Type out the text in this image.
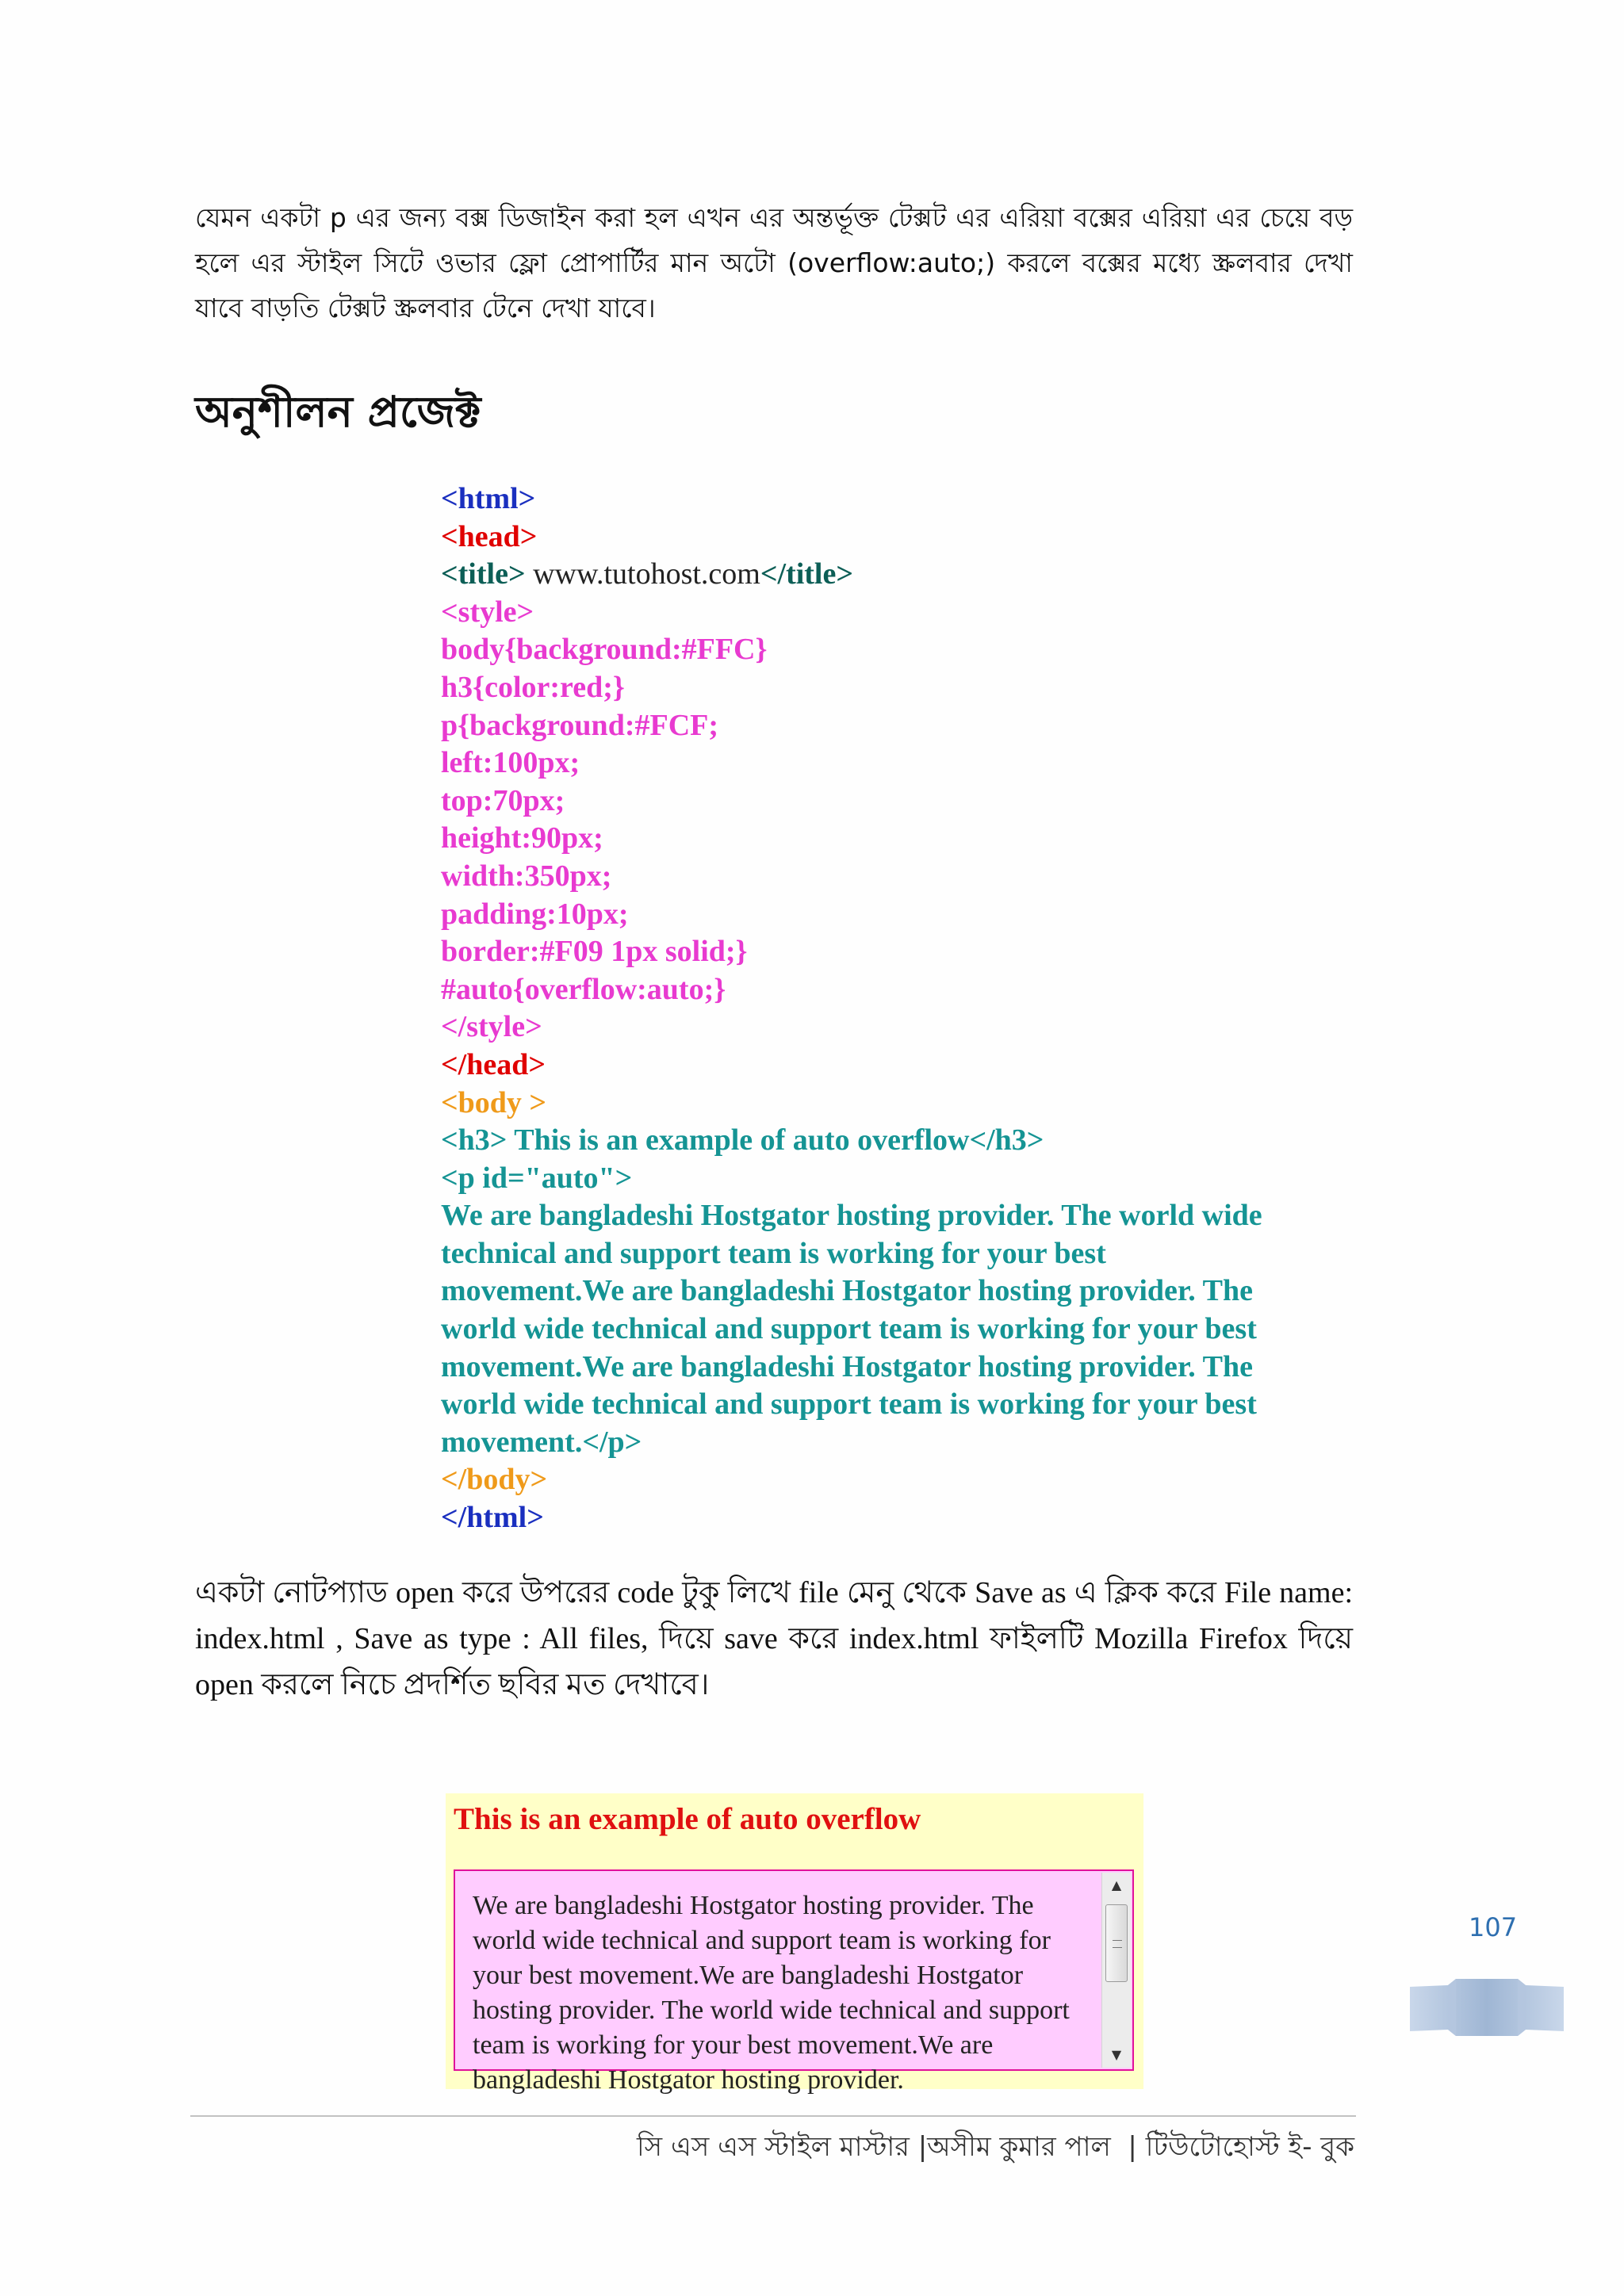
যেমন একটা p এর জন্য বক্স ডিজাইন করা হল এখন এর অন্তর্ভূক্ত টেক্সট এর এরিয়া বক্সের এরিয়া এর চেয়ে বড় হলে এর স্টাইল সিটে ওভার ফ্লো প্রোপার্টির মান অটো (overflow:auto;) করলে বক্সের মধ্যে স্ক্রলবার দেখা যাবে বাড়তি টেক্সট স্ক্রলবার টেনে দেখা যাবে।

অনুশীলন প্রজেক্ট
<html>
<head>
<title> www.tutohost.com</title>
<style>
body{background:#FFC}
h3{color:red;}
p{background:#FCF;
left:100px;
top:70px;
height:90px;
width:350px;
padding:10px;
border:#F09 1px solid;}
#auto{overflow:auto;}
</style>
</head>
<body >
<h3> This is an example of auto overflow</h3>
<p id="auto">
We are bangladeshi Hostgator hosting provider. The world wide
technical and support team is working for your best
movement.We are bangladeshi Hostgator hosting provider. The
world wide technical and support team is working for your best
movement.We are bangladeshi Hostgator hosting provider. The
world wide technical and support team is working for your best
movement.</p>
</body>
</html>

একটা নোটপ্যাড open করে উপরের code টুকু লিখে file মেনু থেকে Save as এ ক্লিক করে File name: index.html , Save as type : All files, দিয়ে save করে index.html ফাইলটি Mozilla Firefox দিয়ে open করলে নিচে প্রদর্শিত ছবির মত দেখাবে।

This is an example of auto overflow
We are bangladeshi Hostgator hosting provider. The world wide technical and support team is working for your best movement.We are bangladeshi Hostgator hosting provider. The world wide technical and support team is working for your best movement.We are bangladeshi Hostgator hosting provider.
▲
▼
107
সি এস এস স্টাইল মাস্টার |অসীম কুমার পাল  | টিউটোহোস্ট ই- বুক
